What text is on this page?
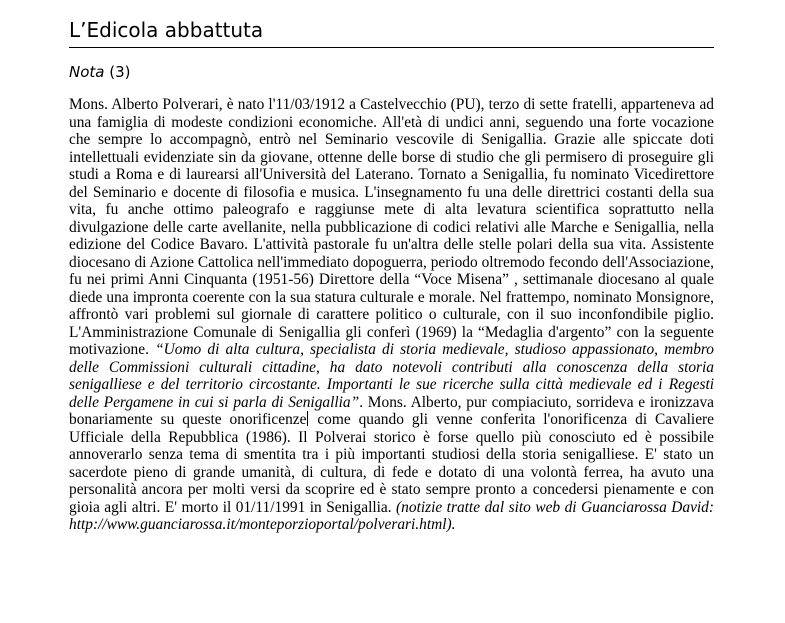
L’Edicola abbattuta
Nota (3)

Mons. Alberto Polverari, è nato l'11/03/1912 a Castelvecchio (PU), terzo di sette fratelli, apparteneva ad una famiglia di modeste condizioni economiche. All'età di undici anni, seguendo una forte vocazione che sempre lo accompagnò, entrò nel Seminario vescovile di Senigallia. Grazie alle spiccate doti intellettuali evidenziate sin da giovane, ottenne delle borse di studio che gli permisero di proseguire gli studi a Roma e di laurearsi all'Università del Laterano. Tornato a Senigallia, fu nominato Vicedirettore del Seminario e docente di filosofia e musica. L'insegnamento fu una delle direttrici costanti della sua vita, fu anche ottimo paleografo e raggiunse mete di alta levatura scientifica soprattutto nella divulgazione delle carte avellanite, nella pubblicazione di codici relativi alle Marche e Senigallia, nella edizione del Codice Bavaro. L'attività pastorale fu un'altra delle stelle polari della sua vita. Assistente diocesano di Azione Cattolica nell'immediato dopoguerra, periodo oltremodo fecondo dell'Associazione, fu nei primi Anni Cinquanta (1951-56) Direttore della “Voce Misena” , settimanale diocesano al quale diede una impronta coerente con la sua statura culturale e morale. Nel frattempo, nominato Monsignore, affrontò vari problemi sul giornale di carattere politico o culturale, con il suo inconfondibile piglio. L'Amministrazione Comunale di Senigallia gli conferì (1969) la “Medaglia d'argento” con la seguente motivazione. “Uomo di alta cultura, specialista di storia medievale, studioso appassionato, membro delle Commissioni culturali cittadine, ha dato notevoli contributi alla conoscenza della storia senigalliese e del territorio circostante. Importanti le sue ricerche sulla città medievale ed i Regesti delle Pergamene in cui si parla di Senigallia”. Mons. Alberto, pur compiaciuto, sorrideva e ironizzava bonariamente su queste onorificenze come quando gli venne conferita l'onorificenza di Cavaliere Ufficiale della Repubblica (1986). Il Polverai storico è forse quello più conosciuto ed è possibile annoverarlo senza tema di smentita tra i più importanti studiosi della storia senigalliese. E' stato un sacerdote pieno di grande umanità, di cultura, di fede e dotato di una volontà ferrea, ha avuto una personalità ancora per molti versi da scoprire ed è stato sempre pronto a concedersi pienamente e con gioia agli altri. E' morto il 01/11/1991 in Senigallia. (notizie tratte dal sito web di Guanciarossa David: http://www.guanciarossa.it/monteporzioportal/polverari.html).
